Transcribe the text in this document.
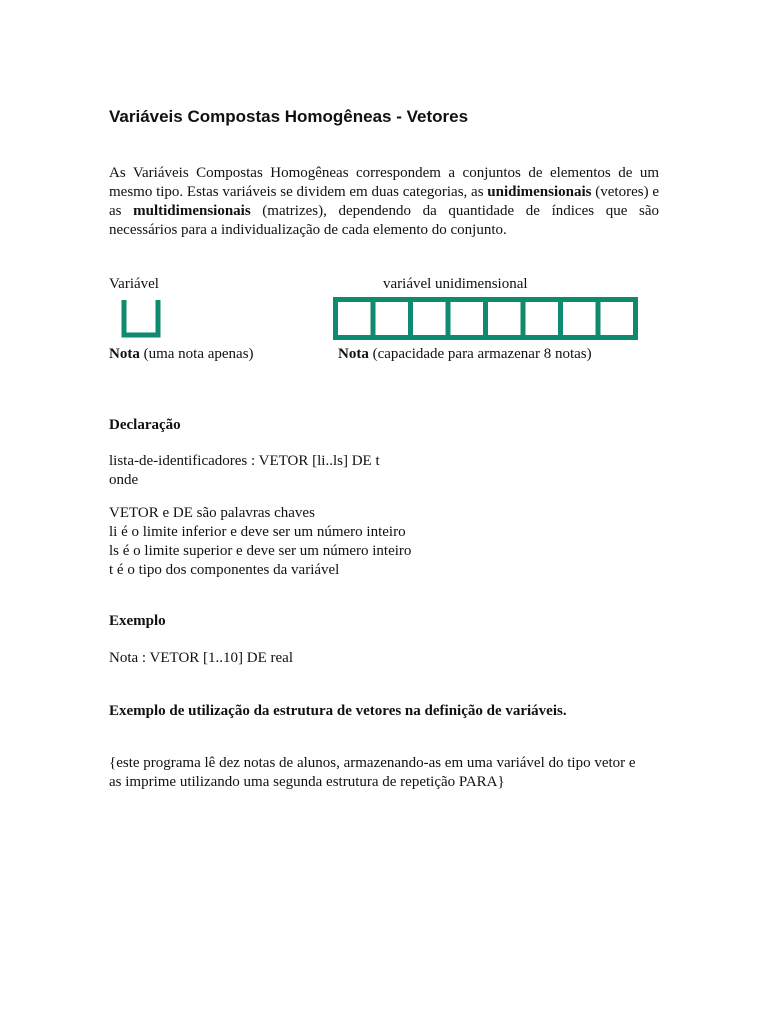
Variáveis Compostas Homogêneas - Vetores

As Variáveis Compostas Homogêneas correspondem a conjuntos de elementos de um mesmo tipo. Estas variáveis se dividem em duas categorias, as unidimensionais (vetores) e as multidimensionais (matrizes), dependendo da quantidade de índices que são necessários para a individualização de cada elemento do conjunto.

Variável	variável unidimensional

Nota (uma nota apenas)	Nota (capacidade para armazenar 8 notas)

Declaração

lista-de-identificadores : VETOR [li..ls] DE t

onde

VETOR e DE são palavras chaves

li é o limite inferior e deve ser um número inteiro

ls é o limite superior e deve ser um número inteiro

t é o tipo dos componentes da variável

Exemplo

Nota : VETOR [1..10] DE real

Exemplo de utilização da estrutura de vetores na definição de variáveis.

{este programa lê dez notas de alunos, armazenando-as em uma variável do tipo vetor e

as imprime utilizando uma segunda estrutura de repetição PARA}
